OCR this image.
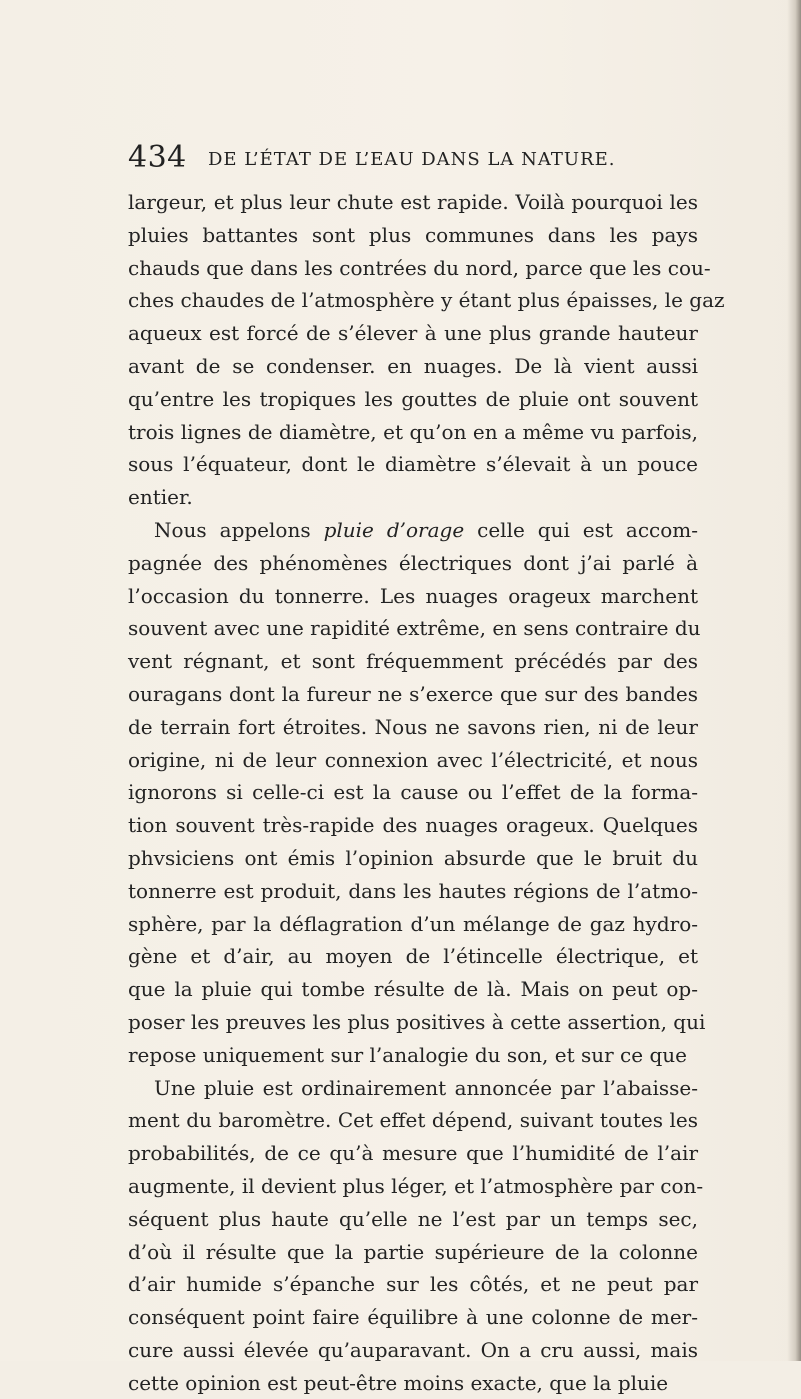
434 DE L’ÉTAT DE L’EAU DANS LA NATURE.
largeur, et plus leur chute est rapide. Voilà pourquoi les
pluies battantes sont plus communes dans les pays
chauds que dans les contrées du nord, parce que les cou-
ches chaudes de l’atmosphère y étant plus épaisses, le gaz
aqueux est forcé de s’élever à une plus grande hauteur
avant de se condenser. en nuages. De là vient aussi
qu’entre les tropiques les gouttes de pluie ont souvent
trois lignes de diamètre, et qu’on en a même vu parfois,
sous l’équateur, dont le diamètre s’élevait à un pouce
entier.
Nous appelons pluie d’orage celle qui est accom-
pagnée des phénomènes électriques dont j’ai parlé à
l’occasion du tonnerre. Les nuages orageux marchent
souvent avec une rapidité extrême, en sens contraire du
vent régnant, et sont fréquemment précédés par des
ouragans dont la fureur ne s’exerce que sur des bandes
de terrain fort étroites. Nous ne savons rien, ni de leur
origine, ni de leur connexion avec l’électricité, et nous
ignorons si celle-ci est la cause ou l’effet de la forma-
tion souvent très-rapide des nuages orageux. Quelques
phvsiciens ont émis l’opinion absurde que le bruit du
tonnerre est produit, dans les hautes régions de l’atmo-
sphère, par la déflagration d’un mélange de gaz hydro-
gène et d’air, au moyen de l’étincelle électrique, et
que la pluie qui tombe résulte de là. Mais on peut op-
poser les preuves les plus positives à cette assertion, qui
repose uniquement sur l’analogie du son, et sur ce que
Une pluie est ordinairement annoncée par l’abaisse-
ment du baromètre. Cet effet dépend, suivant toutes les
probabilités, de ce qu’à mesure que l’humidité de l’air
augmente, il devient plus léger, et l’atmosphère par con-
séquent plus haute qu’elle ne l’est par un temps sec,
d’où il résulte que la partie supérieure de la colonne
d’air humide s’épanche sur les côtés, et ne peut par
conséquent point faire équilibre à une colonne de mer-
cure aussi élevée qu’auparavant. On a cru aussi, mais
cette opinion est peut-être moins exacte, que la pluie
